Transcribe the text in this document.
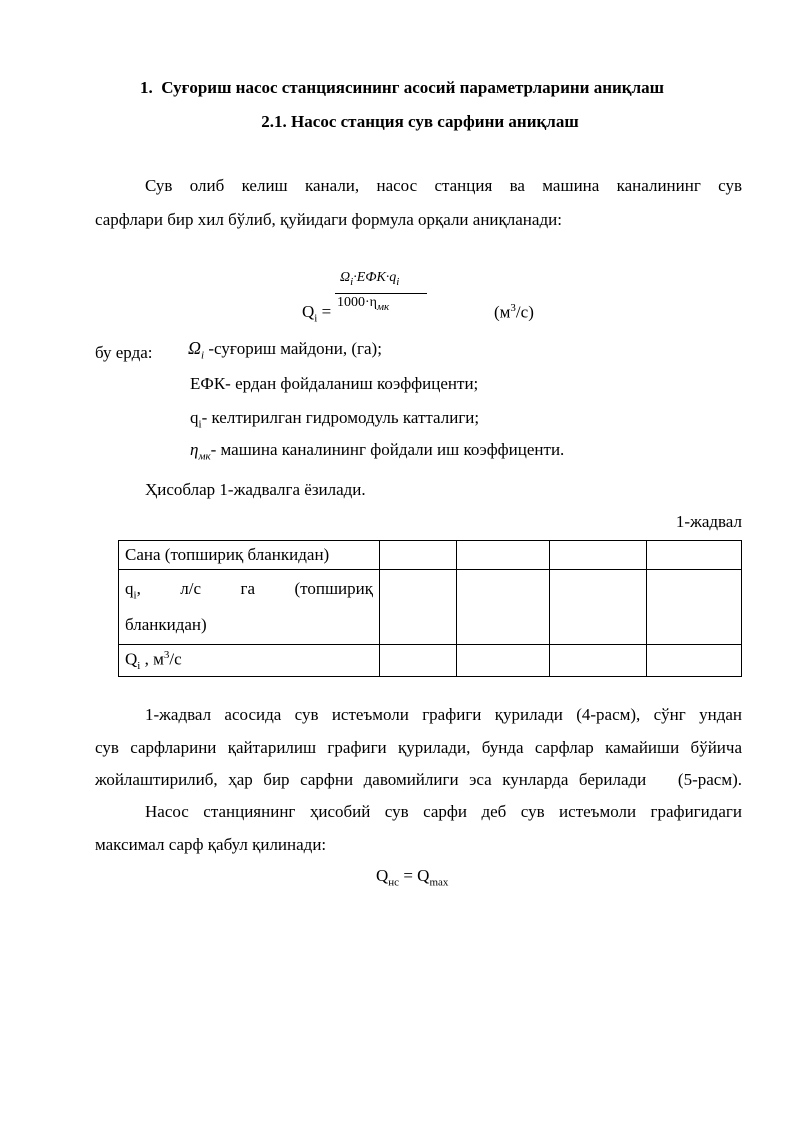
1. Суғориш насос станциясининг асосий параметрларини аниқлаш
2.1. Насос станция сув сарфини аниқлаш
Сув олиб келиш канали, насос станция ва машина каналининг сув
сарфлари бир хил бўлиб, қуйидаги формула орқали аниқланади:
$\Omega_i\cdot ЕФК\cdot q_i$
$1000\cdot\eta_{мк}$
$Q_i$ =	$(м^3/с)$
бу ерда: $\Omega_i$ -суғориш майдони, (га);
ЕФК- ердан фойдаланиш коэффиценти;
$q_i-$ келтирилган гидромодуль катталиги;
$\eta_{мк}-$ машина каналининг фойдали иш коэффиценти.
Ҳисоблар 1-жадвалга ёзилади.
1-жадвал
Сана (топшириқ бланкидан)				

$q_i$, л/с га (топшириқ
бланкидан)				

$Q_i$ , $м^3/с$				
1-жадвал асосида сув истеъмоли графиги қурилади (4-расм), сўнг ундан
сув сарфларини қайтарилиш графиги қурилади, бунда сарфлар камайиши бўйича
жойлаштирилиб, ҳар бир сарфни давомийлиги эса кунларда берилади   (5-расм).
Насос станциянинг ҳисобий сув сарфи деб сув истеъмоли графигидаги
максимал сарф қабул қилинади:
$Q_{нс} = Q_{max}$
